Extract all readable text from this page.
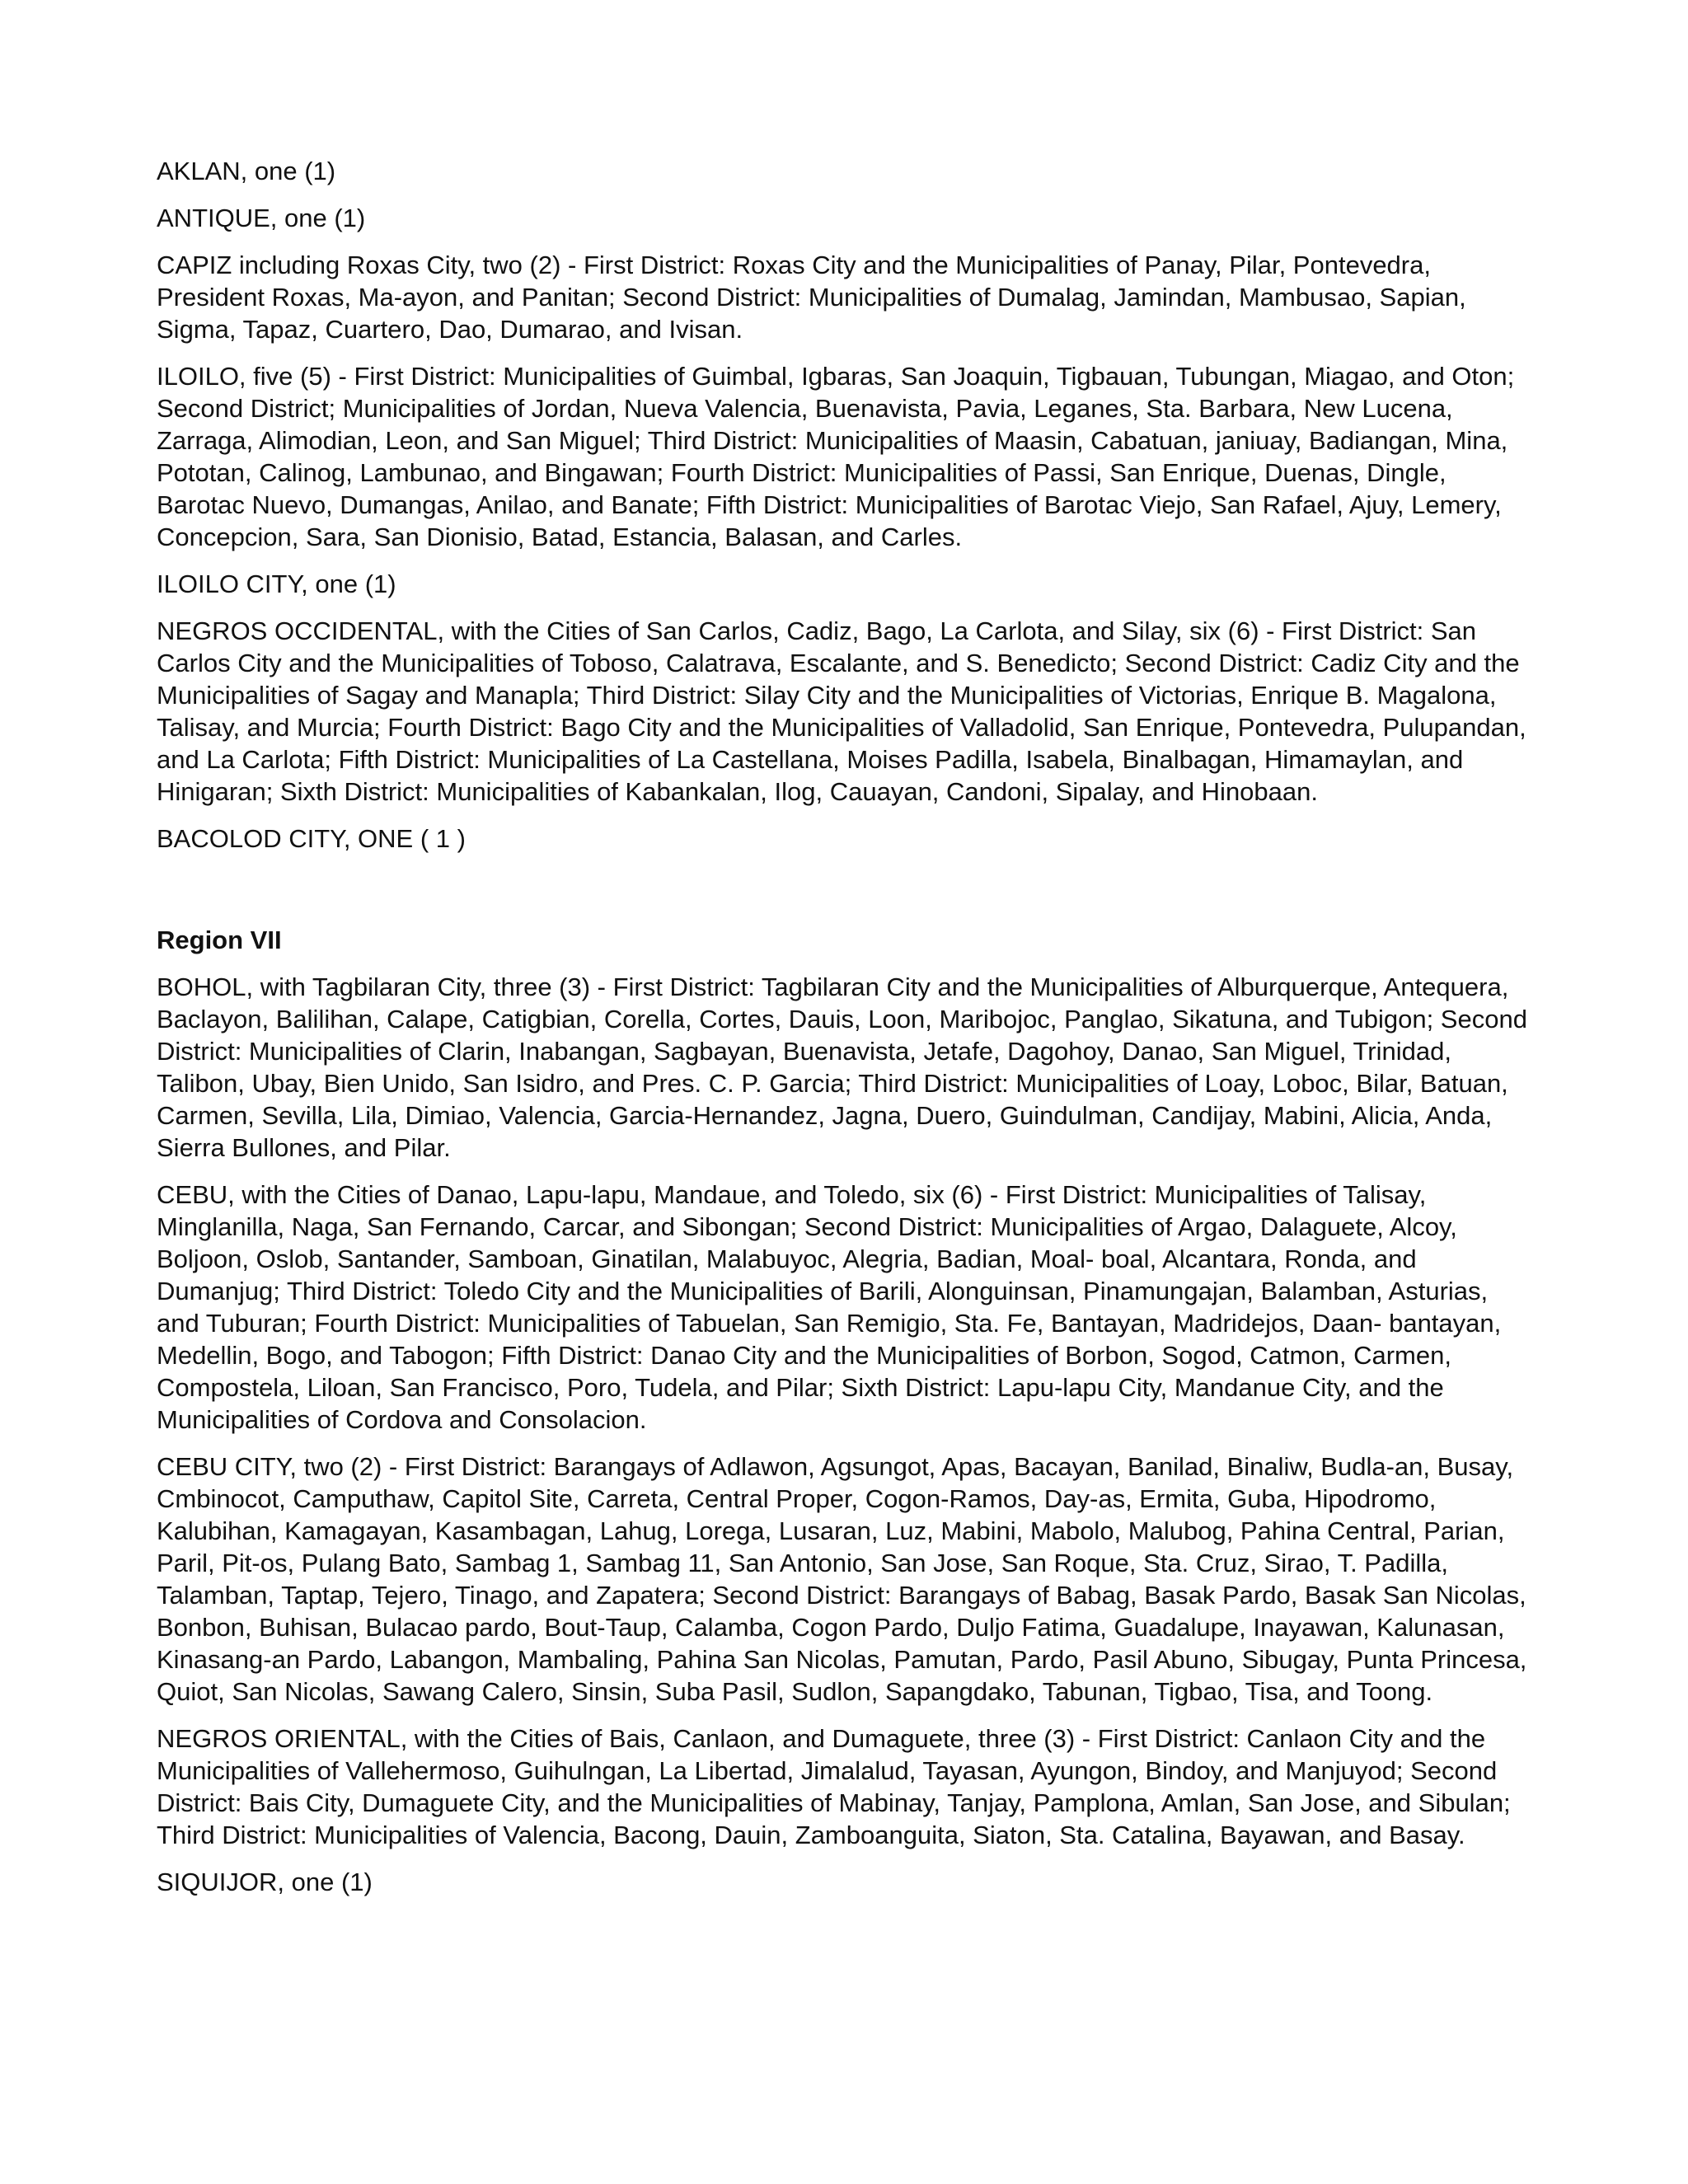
AKLAN, one (1)

ANTIQUE, one (1)

CAPIZ including Roxas City, two (2) - First District: Roxas City and the Municipalities of Panay, Pilar, Pontevedra, President Roxas, Ma-ayon, and Panitan; Second District: Municipalities of Dumalag, Jamindan, Mambusao, Sapian, Sigma, Tapaz, Cuartero, Dao, Dumarao, and Ivisan.

ILOILO, five (5) - First District: Municipalities of Guimbal, Igbaras, San Joaquin, Tigbauan, Tubungan, Miagao, and Oton; Second District; Municipalities of Jordan, Nueva Valencia, Buenavista, Pavia, Leganes, Sta. Barbara, New Lucena, Zarraga, Alimodian, Leon, and San Miguel; Third District: Municipalities of Maasin, Cabatuan, janiuay, Badiangan, Mina, Pototan, Calinog, Lambunao, and Bingawan; Fourth District: Municipalities of Passi, San Enrique, Duenas, Dingle, Barotac Nuevo, Dumangas, Anilao, and Banate; Fifth District: Municipalities of Barotac Viejo, San Rafael, Ajuy, Lemery, Concepcion, Sara, San Dionisio, Batad, Estancia, Balasan, and Carles.

ILOILO CITY, one (1)

NEGROS OCCIDENTAL, with the Cities of San Carlos, Cadiz, Bago, La Carlota, and Silay, six (6) - First District: San Carlos City and the Municipalities of Toboso, Calatrava, Escalante, and S. Benedicto; Second District: Cadiz City and the Municipalities of Sagay and Manapla; Third District: Silay City and the Municipalities of Victorias, Enrique B. Magalona, Talisay, and Murcia; Fourth District: Bago City and the Municipalities of Valladolid, San Enrique, Pontevedra, Pulupandan, and La Carlota; Fifth District: Municipalities of La Castellana, Moises Padilla, Isabela, Binalbagan, Himamaylan, and Hinigaran; Sixth District: Municipalities of Kabankalan, Ilog, Cauayan, Candoni, Sipalay, and Hinobaan.

BACOLOD CITY, ONE ( 1 )

Region VII

BOHOL, with Tagbilaran City, three (3) - First District: Tagbilaran City and the Municipalities of Alburquerque, Antequera, Baclayon, Balilihan, Calape, Catigbian, Corella, Cortes, Dauis, Loon, Maribojoc, Panglao, Sikatuna, and Tubigon; Second District: Municipalities of Clarin, Inabangan, Sagbayan, Buenavista, Jetafe, Dagohoy, Danao, San Miguel, Trinidad, Talibon, Ubay, Bien Unido, San Isidro, and Pres. C. P. Garcia; Third District: Municipalities of Loay, Loboc, Bilar, Batuan, Carmen, Sevilla, Lila, Dimiao, Valencia, Garcia-Hernandez, Jagna, Duero, Guindulman, Candijay, Mabini, Alicia, Anda, Sierra Bullones, and Pilar.

CEBU, with the Cities of Danao, Lapu-lapu, Mandaue, and Toledo, six (6) - First District: Municipalities of Talisay, Minglanilla, Naga, San Fernando, Carcar, and Sibongan; Second District: Municipalities of Argao, Dalaguete, Alcoy, Boljoon, Oslob, Santander, Samboan, Ginatilan, Malabuyoc, Alegria, Badian, Moal- boal, Alcantara, Ronda, and Dumanjug; Third District: Toledo City and the Municipalities of Barili, Alonguinsan, Pinamungajan, Balamban, Asturias, and Tuburan; Fourth District: Municipalities of Tabuelan, San Remigio, Sta. Fe, Bantayan, Madridejos, Daan- bantayan, Medellin, Bogo, and Tabogon; Fifth District: Danao City and the Municipalities of Borbon, Sogod, Catmon, Carmen, Compostela, Liloan, San Francisco, Poro, Tudela, and Pilar; Sixth District: Lapu-lapu City, Mandanue City, and the Municipalities of Cordova and Consolacion.

CEBU CITY, two (2) - First District: Barangays of Adlawon, Agsungot, Apas, Bacayan, Banilad, Binaliw, Budla-an, Busay, Cmbinocot, Camputhaw, Capitol Site, Carreta, Central Proper, Cogon-Ramos, Day-as, Ermita, Guba, Hipodromo, Kalubihan, Kamagayan, Kasambagan, Lahug, Lorega, Lusaran, Luz, Mabini, Mabolo, Malubog, Pahina Central, Parian, Paril, Pit-os, Pulang Bato, Sambag 1, Sambag 11, San Antonio, San Jose, San Roque, Sta. Cruz, Sirao, T. Padilla, Talamban, Taptap, Tejero, Tinago, and Zapatera; Second District: Barangays of Babag, Basak Pardo, Basak San Nicolas, Bonbon, Buhisan, Bulacao pardo, Bout-Taup, Calamba, Cogon Pardo, Duljo Fatima, Guadalupe, Inayawan, Kalunasan, Kinasang-an Pardo, Labangon, Mambaling, Pahina San Nicolas, Pamutan, Pardo, Pasil Abuno, Sibugay, Punta Princesa, Quiot, San Nicolas, Sawang Calero, Sinsin, Suba Pasil, Sudlon, Sapangdako, Tabunan, Tigbao, Tisa, and Toong.

NEGROS ORIENTAL, with the Cities of Bais, Canlaon, and Dumaguete, three (3) - First District: Canlaon City and the Municipalities of Vallehermoso, Guihulngan, La Libertad, Jimalalud, Tayasan, Ayungon, Bindoy, and Manjuyod; Second District: Bais City, Dumaguete City, and the Municipalities of Mabinay, Tanjay, Pamplona, Amlan, San Jose, and Sibulan; Third District: Municipalities of Valencia, Bacong, Dauin, Zamboanguita, Siaton, Sta. Catalina, Bayawan, and Basay.

SIQUIJOR, one (1)
